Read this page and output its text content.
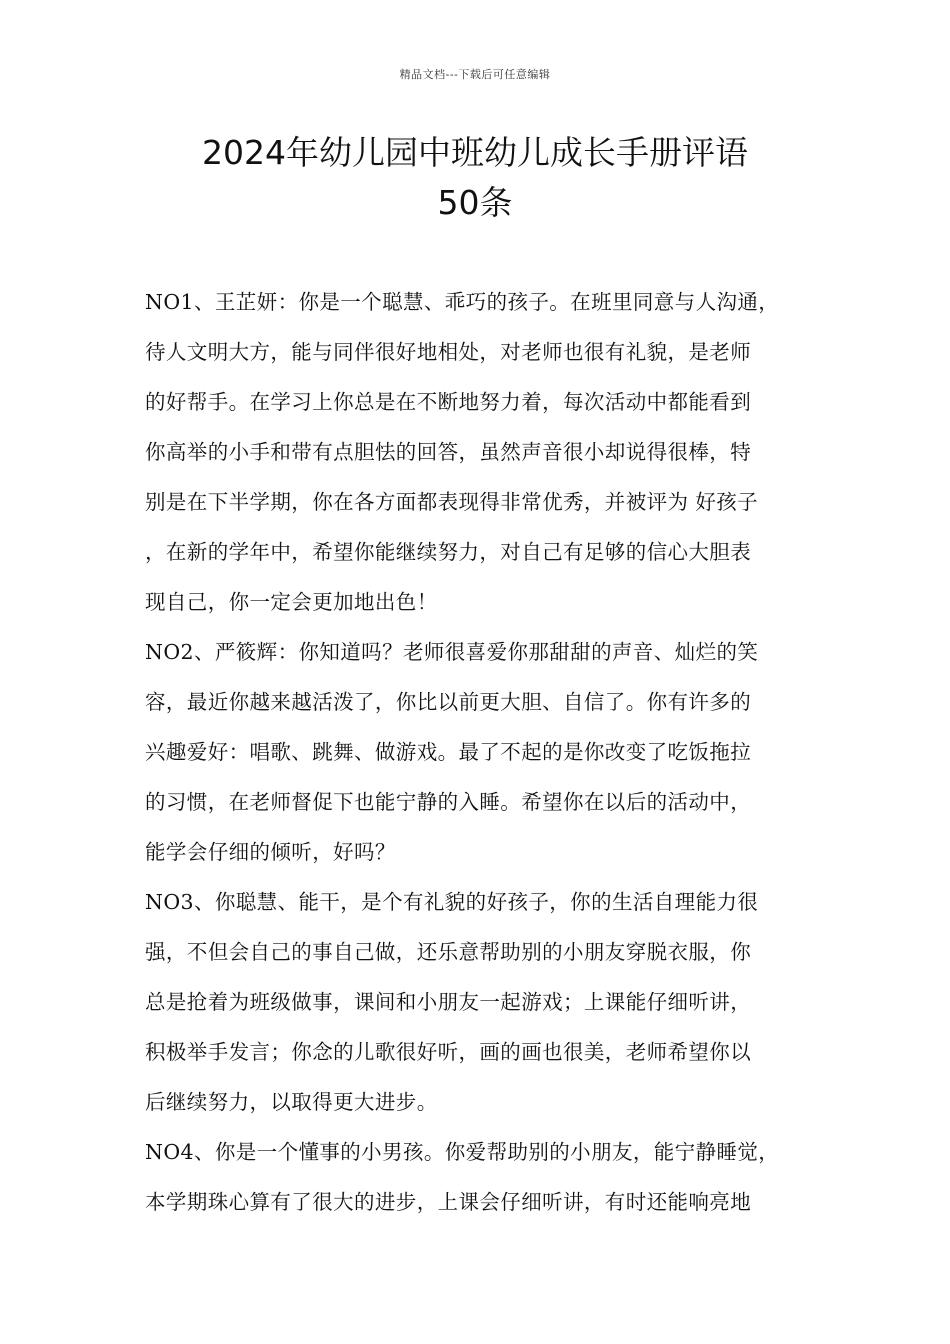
精品文档---下载后可任意编辑
2024年幼儿园中班幼儿成长手册评语
50条
NO1、王芷妍：你是一个聪慧、乖巧的孩子。在班里同意与人沟通，
待人文明大方，能与同伴很好地相处，对老师也很有礼貌，是老师
的好帮手。在学习上你总是在不断地努力着，每次活动中都能看到
你高举的小手和带有点胆怯的回答，虽然声音很小却说得很棒，特
别是在下半学期，你在各方面都表现得非常优秀，并被评为 好孩子
，在新的学年中，希望你能继续努力，对自己有足够的信心大胆表
现自己，你一定会更加地出色！
NO2、严筱辉：你知道吗？老师很喜爱你那甜甜的声音、灿烂的笑
容，最近你越来越活泼了，你比以前更大胆、自信了。你有许多的
兴趣爱好：唱歌、跳舞、做游戏。最了不起的是你改变了吃饭拖拉
的习惯，在老师督促下也能宁静的入睡。希望你在以后的活动中，
能学会仔细的倾听，好吗？
NO3、你聪慧、能干，是个有礼貌的好孩子，你的生活自理能力很
强，不但会自己的事自己做，还乐意帮助别的小朋友穿脱衣服，你
总是抢着为班级做事，课间和小朋友一起游戏；上课能仔细听讲，
积极举手发言；你念的儿歌很好听，画的画也很美，老师希望你以
后继续努力，以取得更大进步。
NO4、你是一个懂事的小男孩。你爱帮助别的小朋友，能宁静睡觉，
本学期珠心算有了很大的进步，上课会仔细听讲，有时还能响亮地
